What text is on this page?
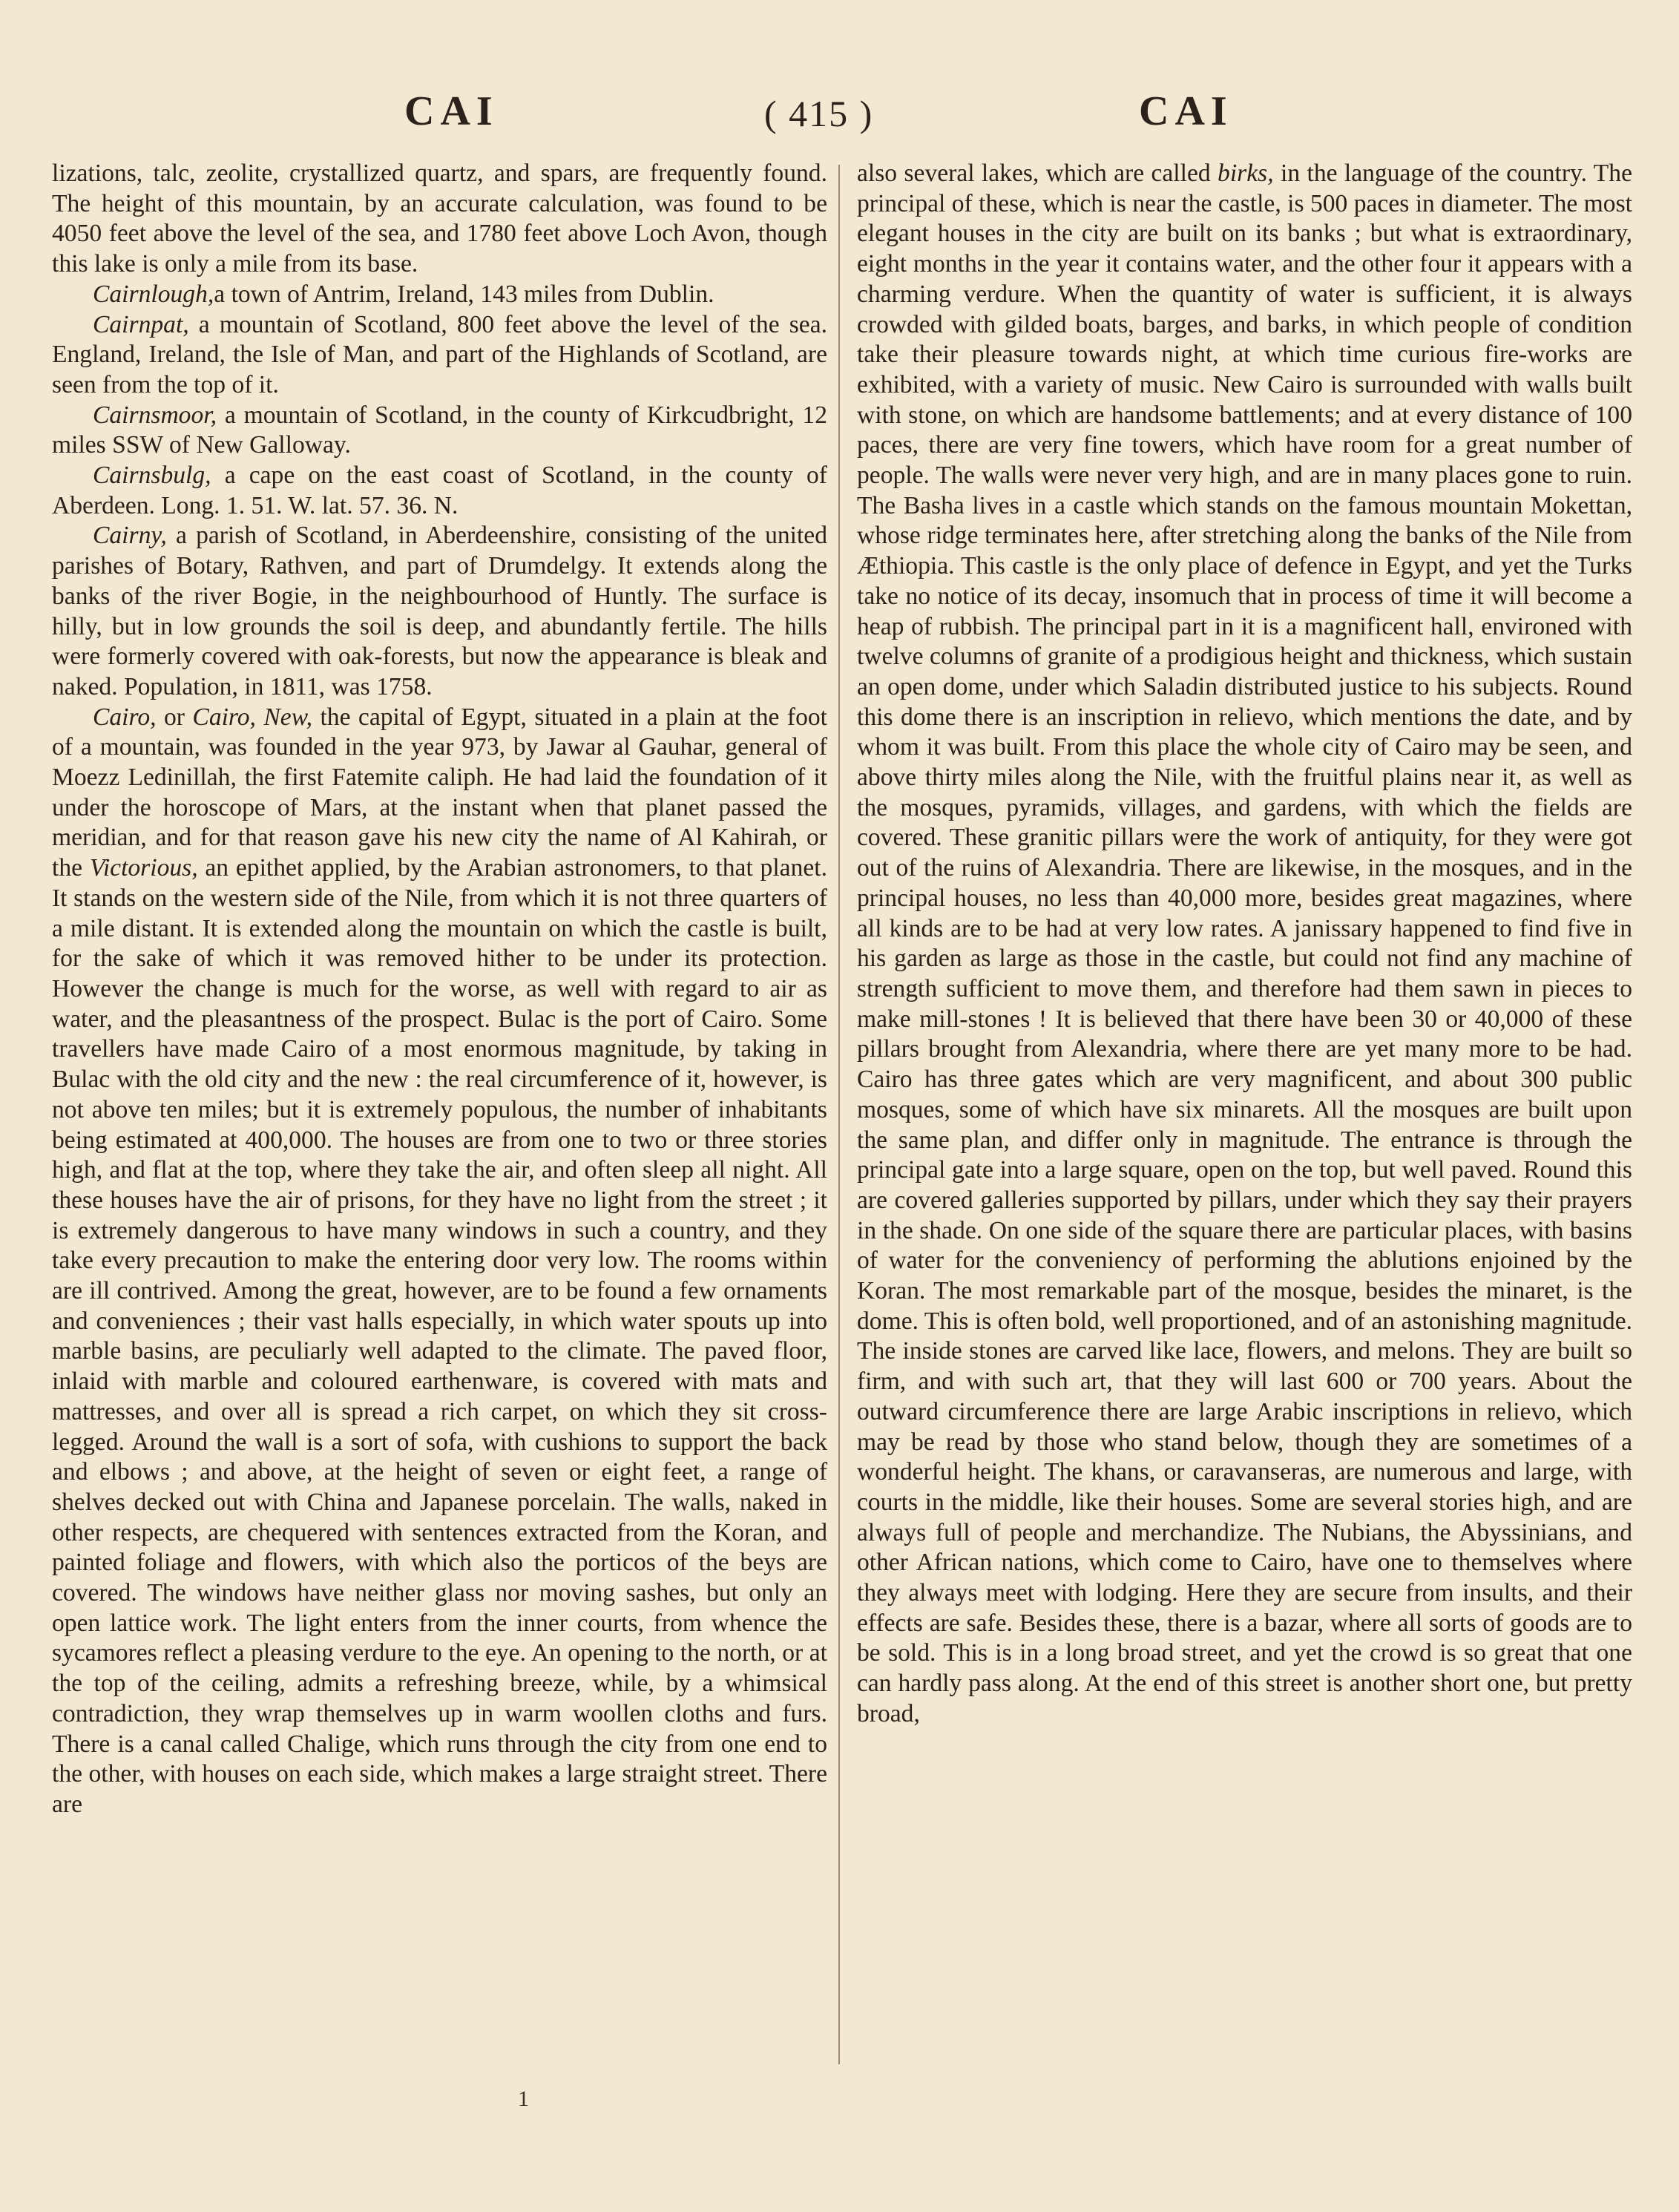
CAI	( 415 )	CAI

lizations, talc, zeolite, crystallized quartz, and spars, are frequently found. The height of this mountain, by an accurate calculation, was found to be 4050 feet above the level of the sea, and 1780 feet above Loch Avon, though this lake is only a mile from its base.

Cairnlough,a town of Antrim, Ireland, 143 miles from Dublin.

Cairnpat, a mountain of Scotland, 800 feet above the level of the sea. England, Ireland, the Isle of Man, and part of the Highlands of Scotland, are seen from the top of it.

Cairnsmoor, a mountain of Scotland, in the county of Kirkcudbright, 12 miles SSW of New Galloway.

Cairnsbulg, a cape on the east coast of Scotland, in the county of Aberdeen. Long. 1. 51. W. lat. 57. 36. N.

Cairny, a parish of Scotland, in Aberdeenshire, consisting of the united parishes of Botary, Rathven, and part of Drumdelgy. It extends along the banks of the river Bogie, in the neighbourhood of Huntly. The surface is hilly, but in low grounds the soil is deep, and abundantly fertile. The hills were formerly covered with oak-forests, but now the appearance is bleak and naked. Population, in 1811, was 1758.

Cairo, or Cairo, New, the capital of Egypt, situated in a plain at the foot of a mountain, was founded in the year 973, by Jawar al Gauhar, general of Moezz Ledinillah, the first Fatemite caliph. He had laid the foundation of it under the horoscope of Mars, at the instant when that planet passed the meridian, and for that reason gave his new city the name of Al Kahirah, or the Victorious, an epithet applied, by the Arabian astronomers, to that planet. It stands on the western side of the Nile, from which it is not three quarters of a mile distant. It is extended along the mountain on which the castle is built, for the sake of which it was removed hither to be under its protection. However the change is much for the worse, as well with regard to air as water, and the pleasantness of the prospect. Bulac is the port of Cairo. Some travellers have made Cairo of a most enormous magnitude, by taking in Bulac with the old city and the new : the real circumference of it, however, is not above ten miles; but it is extremely populous, the number of inhabitants being estimated at 400,000. The houses are from one to two or three stories high, and flat at the top, where they take the air, and often sleep all night. All these houses have the air of prisons, for they have no light from the street ; it is extremely dangerous to have many windows in such a country, and they take every precaution to make the entering door very low. The rooms within are ill contrived. Among the great, however, are to be found a few ornaments and conveniences ; their vast halls especially, in which water spouts up into marble basins, are peculiarly well adapted to the climate. The paved floor, inlaid with marble and coloured earthenware, is covered with mats and mattresses, and over all is spread a rich carpet, on which they sit cross-legged. Around the wall is a sort of sofa, with cushions to support the back and elbows ; and above, at the height of seven or eight feet, a range of shelves decked out with China and Japanese porcelain. The walls, naked in other respects, are chequered with sentences extracted from the Koran, and painted foliage and flowers, with which also the porticos of the beys are covered. The windows have neither glass nor moving sashes, but only an open lattice work. The light enters from the inner courts, from whence the sycamores reflect a pleasing verdure to the eye. An opening to the north, or at the top of the ceiling, admits a refreshing breeze, while, by a whimsical contradiction, they wrap themselves up in warm woollen cloths and furs. There is a canal called Chalige, which runs through the city from one end to the other, with houses on each side, which makes a large straight street. There are

also several lakes, which are called birks, in the language of the country. The principal of these, which is near the castle, is 500 paces in diameter. The most elegant houses in the city are built on its banks ; but what is extraordinary, eight months in the year it contains water, and the other four it appears with a charming verdure. When the quantity of water is sufficient, it is always crowded with gilded boats, barges, and barks, in which people of condition take their pleasure towards night, at which time curious fire-works are exhibited, with a variety of music. New Cairo is surrounded with walls built with stone, on which are handsome battlements; and at every distance of 100 paces, there are very fine towers, which have room for a great number of people. The walls were never very high, and are in many places gone to ruin. The Basha lives in a castle which stands on the famous mountain Mokettan, whose ridge terminates here, after stretching along the banks of the Nile from Æthiopia. This castle is the only place of defence in Egypt, and yet the Turks take no notice of its decay, insomuch that in process of time it will become a heap of rubbish. The principal part in it is a magnificent hall, environed with twelve columns of granite of a prodigious height and thickness, which sustain an open dome, under which Saladin distributed justice to his subjects. Round this dome there is an inscription in relievo, which mentions the date, and by whom it was built. From this place the whole city of Cairo may be seen, and above thirty miles along the Nile, with the fruitful plains near it, as well as the mosques, pyramids, villages, and gardens, with which the fields are covered. These granitic pillars were the work of antiquity, for they were got out of the ruins of Alexandria. There are likewise, in the mosques, and in the principal houses, no less than 40,000 more, besides great magazines, where all kinds are to be had at very low rates. A janissary happened to find five in his garden as large as those in the castle, but could not find any machine of strength sufficient to move them, and therefore had them sawn in pieces to make mill-stones ! It is believed that there have been 30 or 40,000 of these pillars brought from Alexandria, where there are yet many more to be had. Cairo has three gates which are very magnificent, and about 300 public mosques, some of which have six minarets. All the mosques are built upon the same plan, and differ only in magnitude. The entrance is through the principal gate into a large square, open on the top, but well paved. Round this are covered galleries supported by pillars, under which they say their prayers in the shade. On one side of the square there are particular places, with basins of water for the conveniency of performing the ablutions enjoined by the Koran. The most remarkable part of the mosque, besides the minaret, is the dome. This is often bold, well proportioned, and of an astonishing magnitude. The inside stones are carved like lace, flowers, and melons. They are built so firm, and with such art, that they will last 600 or 700 years. About the outward circumference there are large Arabic inscriptions in relievo, which may be read by those who stand below, though they are sometimes of a wonderful height. The khans, or caravanseras, are numerous and large, with courts in the middle, like their houses. Some are several stories high, and are always full of people and merchandize. The Nubians, the Abyssinians, and other African nations, which come to Cairo, have one to themselves where they always meet with lodging. Here they are secure from insults, and their effects are safe. Besides these, there is a bazar, where all sorts of goods are to be sold. This is in a long broad street, and yet the crowd is so great that one can hardly pass along. At the end of this street is another short one, but pretty broad,

1
